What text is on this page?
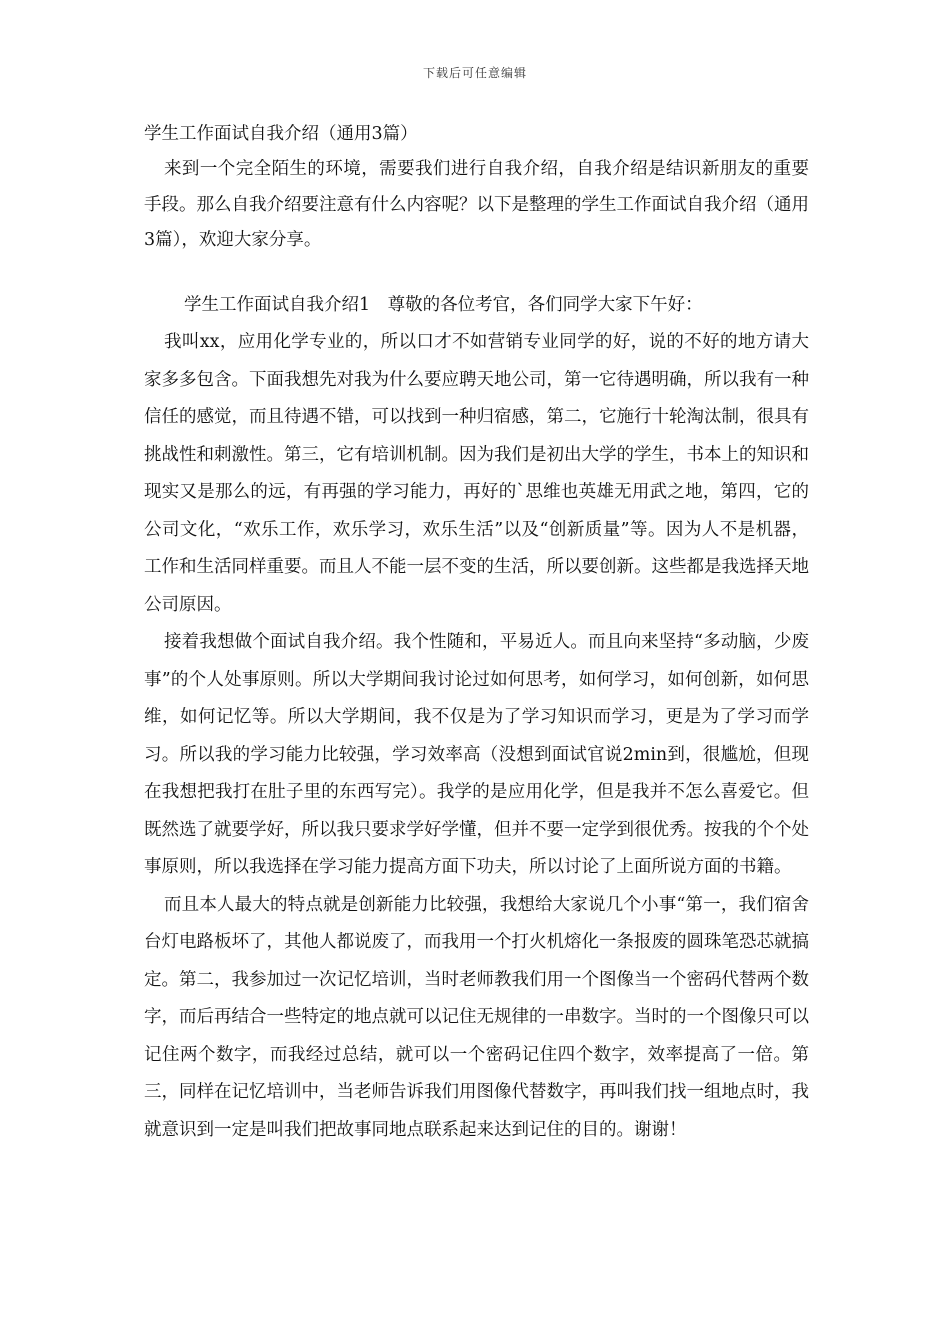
下载后可任意编辑

学生工作面试自我介绍（通用3篇）

来到一个完全陌生的环境，需要我们进行自我介绍，自我介绍是结识新朋友的重要手段。那么自我介绍要注意有什么内容呢？以下是整理的学生工作面试自我介绍（通用3篇），欢迎大家分享。

学生工作面试自我介绍1　尊敬的各位考官，各们同学大家下午好：

我叫xx，应用化学专业的，所以口才不如营销专业同学的好，说的不好的地方请大家多多包含。下面我想先对我为什么要应聘天地公司，第一它待遇明确，所以我有一种信任的感觉，而且待遇不错，可以找到一种归宿感，第二，它施行十轮淘汰制，很具有挑战性和刺激性。第三，它有培训机制。因为我们是初出大学的学生，书本上的知识和现实又是那么的远，有再强的学习能力，再好的`思维也英雄无用武之地，第四，它的公司文化，“欢乐工作，欢乐学习，欢乐生活”以及“创新质量”等。因为人不是机器，工作和生活同样重要。而且人不能一层不变的生活，所以要创新。这些都是我选择天地公司原因。

接着我想做个面试自我介绍。我个性随和，平易近人。而且向来坚持“多动脑，少废事”的个人处事原则。所以大学期间我讨论过如何思考，如何学习，如何创新，如何思维，如何记忆等。所以大学期间，我不仅是为了学习知识而学习，更是为了学习而学习。所以我的学习能力比较强，学习效率高（没想到面试官说2min到，很尴尬，但现在我想把我打在肚子里的东西写完）。我学的是应用化学，但是我并不怎么喜爱它。但既然选了就要学好，所以我只要求学好学懂，但并不要一定学到很优秀。按我的个个处事原则，所以我选择在学习能力提高方面下功夫，所以讨论了上面所说方面的书籍。

而且本人最大的特点就是创新能力比较强，我想给大家说几个小事“第一，我们宿舍台灯电路板坏了，其他人都说废了，而我用一个打火机熔化一条报废的圆珠笔恐芯就搞定。第二，我参加过一次记忆培训，当时老师教我们用一个图像当一个密码代替两个数字，而后再结合一些特定的地点就可以记住无规律的一串数字。当时的一个图像只可以记住两个数字，而我经过总结，就可以一个密码记住四个数字，效率提高了一倍。第三，同样在记忆培训中，当老师告诉我们用图像代替数字，再叫我们找一组地点时，我就意识到一定是叫我们把故事同地点联系起来达到记住的目的。谢谢！
